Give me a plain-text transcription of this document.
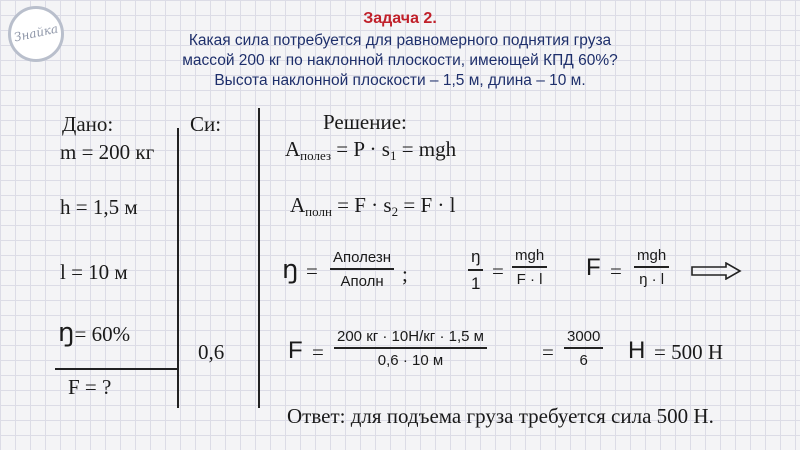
Знайка
Задача 2.
Какая сила потребуется для равномерного поднятия груза
массой 200 кг по наклонной плоскости, имеющей КПД 60%?
Высота наклонной плоскости – 1,5 м, длина – 10 м.
Дано:
m = 200 кг
h = 1,5 м
l = 10 м
ŋ= 60%
F = ?
Си:
0,6
Решение:
Aполез = P · s1 = mgh
Aполн = F · s2 = F · l
ŋ =
Aполезн
Aполн ;
ŋ
1 =
mgh
F · l F =
mgh
ŋ · l
F =
200 кг · 10Н/кг · 1,5 м
0,6 · 10 м	=
3000
6 Н = 500 Н
Ответ: для подъема груза требуется сила 500 Н.
